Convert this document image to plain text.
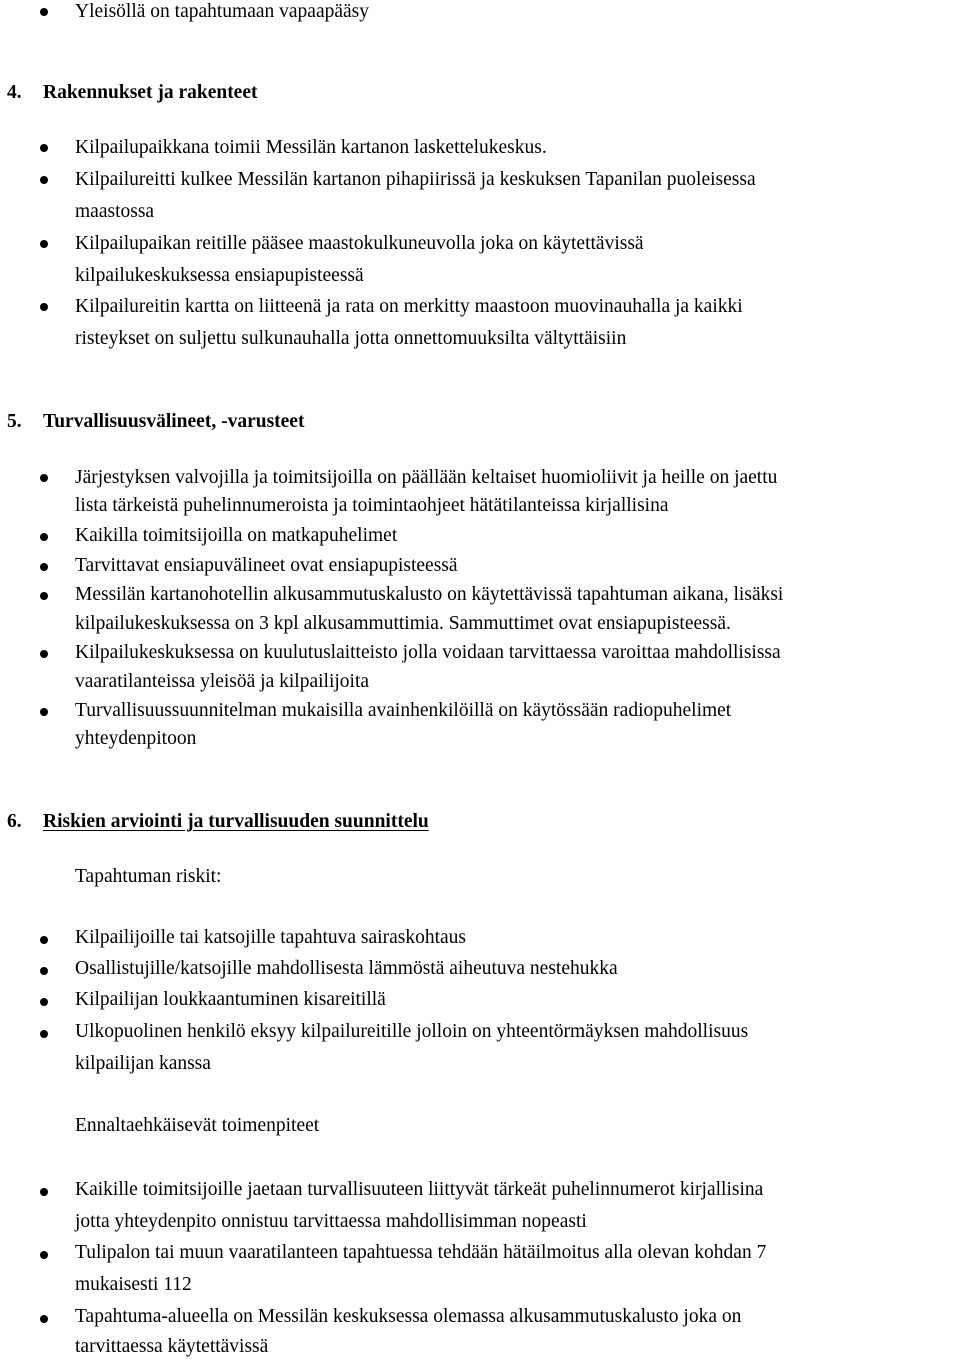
Yleisöllä on tapahtumaan vapaapääsy
4. Rakennukset ja rakenteet
Kilpailupaikkana toimii Messilän kartanon laskettelukeskus.
Kilpailureitti kulkee Messilän kartanon pihapiirissä ja keskuksen Tapanilan puoleisessa
maastossa
Kilpailupaikan reitille pääsee maastokulkuneuvolla joka on käytettävissä
kilpailukeskuksessa ensiapupisteessä
Kilpailureitin kartta on liitteenä ja rata on merkitty maastoon muovinauhalla ja kaikki
risteykset on suljettu sulkunauhalla jotta onnettomuuksilta vältyttäisiin
5. Turvallisuusvälineet, -varusteet
Järjestyksen valvojilla ja toimitsijoilla on päällään keltaiset huomioliivit ja heille on jaettu
lista tärkeistä puhelinnumeroista ja toimintaohjeet hätätilanteissa kirjallisina
Kaikilla toimitsijoilla on matkapuhelimet
Tarvittavat ensiapuvälineet ovat ensiapupisteessä
Messilän kartanohotellin alkusammutuskalusto on käytettävissä tapahtuman aikana, lisäksi
kilpailukeskuksessa on 3 kpl alkusammuttimia. Sammuttimet ovat ensiapupisteessä.
Kilpailukeskuksessa on kuulutuslaitteisto jolla voidaan tarvittaessa varoittaa mahdollisissa
vaaratilanteissa yleisöä ja kilpailijoita
Turvallisuussuunnitelman mukaisilla avainhenkilöillä on käytössään radiopuhelimet
yhteydenpitoon
6. Riskien arviointi ja turvallisuuden suunnittelu
Tapahtuman riskit:
Kilpailijoille tai katsojille tapahtuva sairaskohtaus
Osallistujille/katsojille mahdollisesta lämmöstä aiheutuva nestehukka
Kilpailijan loukkaantuminen kisareitillä
Ulkopuolinen henkilö eksyy kilpailureitille jolloin on yhteentörmäyksen mahdollisuus
kilpailijan kanssa
Ennaltaehkäisevät toimenpiteet
Kaikille toimitsijoille jaetaan turvallisuuteen liittyvät tärkeät puhelinnumerot kirjallisina
jotta yhteydenpito onnistuu tarvittaessa mahdollisimman nopeasti
Tulipalon tai muun vaaratilanteen tapahtuessa tehdään hätäilmoitus alla olevan kohdan 7
mukaisesti 112
Tapahtuma-alueella on Messilän keskuksessa olemassa alkusammutuskalusto joka on
tarvittaessa käytettävissä
